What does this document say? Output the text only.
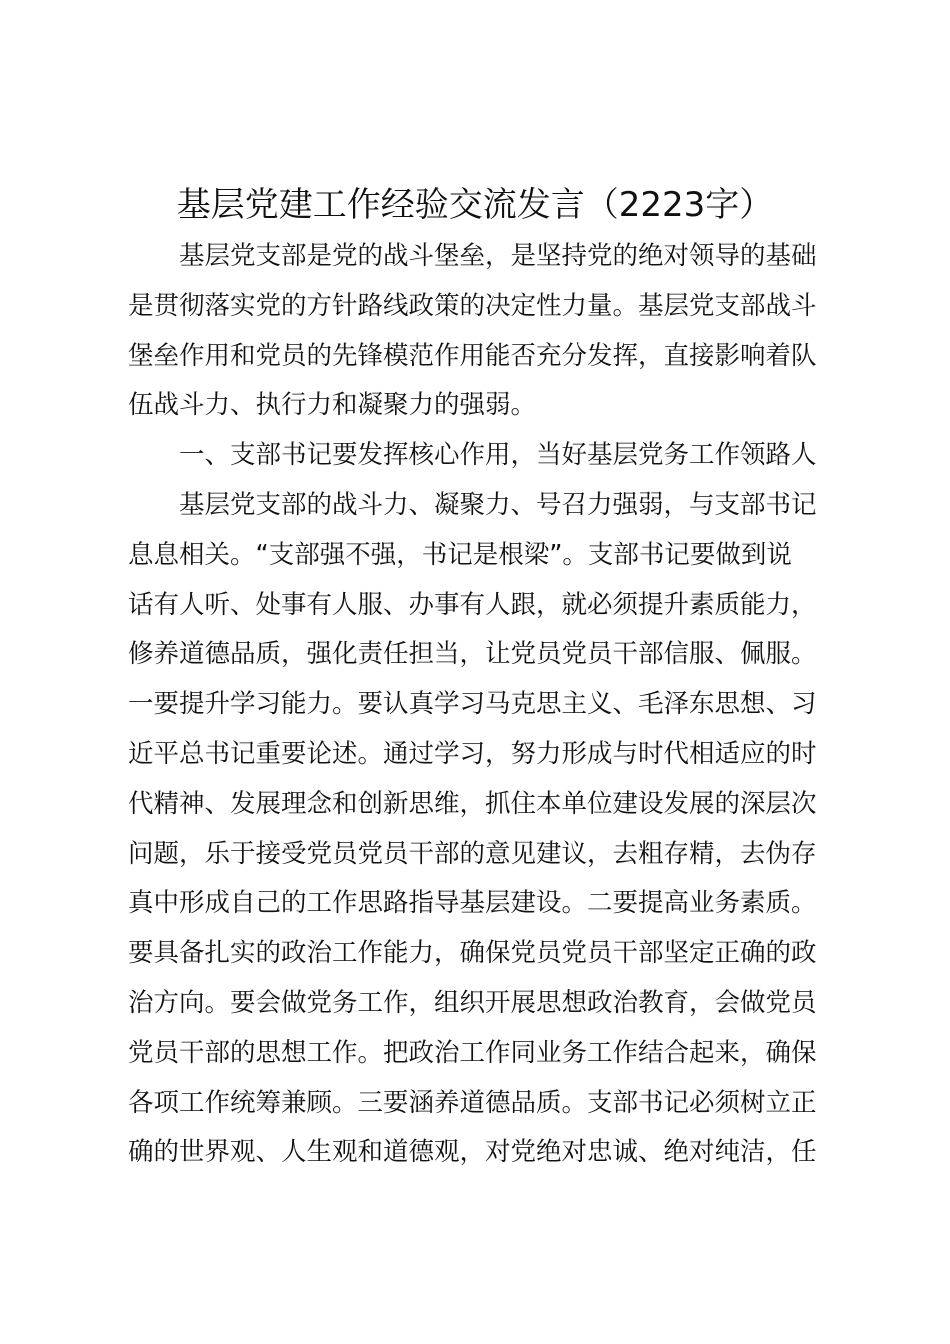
基层党建工作经验交流发言（2223字）
基层党支部是党的战斗堡垒，是坚持党的绝对领导的基础
是贯彻落实党的方针路线政策的决定性力量。基层党支部战斗
堡垒作用和党员的先锋模范作用能否充分发挥，直接影响着队
伍战斗力、执行力和凝聚力的强弱。
一、支部书记要发挥核心作用，当好基层党务工作领路人
基层党支部的战斗力、凝聚力、号召力强弱，与支部书记
息息相关。“支部强不强，书记是根梁”。支部书记要做到说
话有人听、处事有人服、办事有人跟，就必须提升素质能力，
修养道德品质，强化责任担当，让党员党员干部信服、佩服。
一要提升学习能力。要认真学习马克思主义、毛泽东思想、习
近平总书记重要论述。通过学习，努力形成与时代相适应的时
代精神、发展理念和创新思维，抓住本单位建设发展的深层次
问题，乐于接受党员党员干部的意见建议，去粗存精，去伪存
真中形成自己的工作思路指导基层建设。二要提高业务素质。
要具备扎实的政治工作能力，确保党员党员干部坚定正确的政
治方向。要会做党务工作，组织开展思想政治教育，会做党员
党员干部的思想工作。把政治工作同业务工作结合起来，确保
各项工作统筹兼顾。三要涵养道德品质。支部书记必须树立正
确的世界观、人生观和道德观，对党绝对忠诚、绝对纯洁，任
